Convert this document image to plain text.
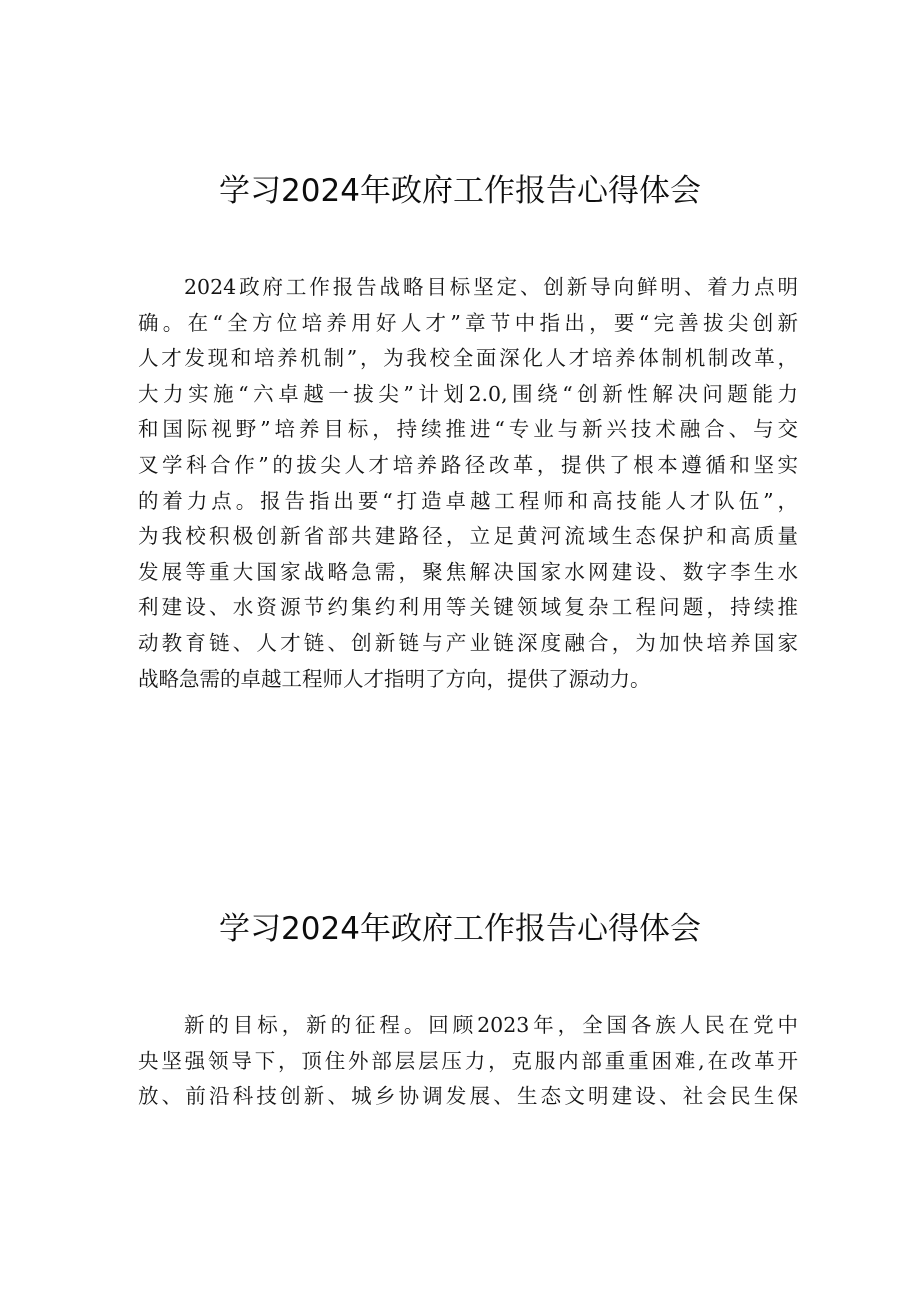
学习2024年政府工作报告心得体会
2024政府工作报告战略目标坚定、创新导向鲜明、着力点明
确。在“全方位培养用好人才”章节中指出，要“完善拔尖创新
人才发现和培养机制”，为我校全面深化人才培养体制机制改革，
大力实施“六卓越一拔尖”计划2.0,围绕“创新性解决问题能力
和国际视野”培养目标，持续推进“专业与新兴技术融合、与交
叉学科合作”的拔尖人才培养路径改革，提供了根本遵循和坚实
的着力点。报告指出要“打造卓越工程师和高技能人才队伍”，
为我校积极创新省部共建路径，立足黄河流域生态保护和高质量
发展等重大国家战略急需，聚焦解决国家水网建设、数字李生水
利建设、水资源节约集约利用等关键领域复杂工程问题，持续推
动教育链、人才链、创新链与产业链深度融合，为加快培养国家
战略急需的卓越工程师人才指明了方向，提供了源动力。
学习2024年政府工作报告心得体会
新的目标，新的征程。回顾2023年，全国各族人民在党中
央坚强领导下，顶住外部层层压力，克服内部重重困难,在改革开
放、前沿科技创新、城乡协调发展、生态文明建设、社会民生保
